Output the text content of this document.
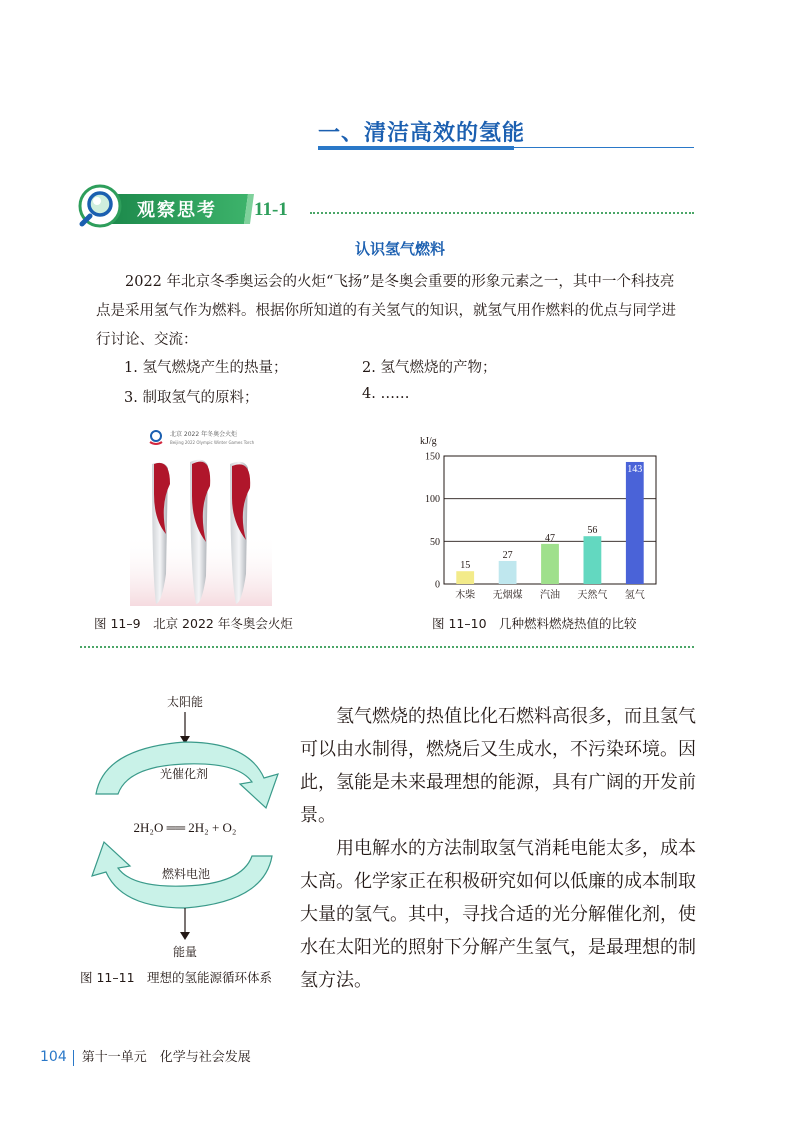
一、清洁高效的氢能
观察思考 11-1
认识氢气燃料
2022 年北京冬季奥运会的火炬“飞扬”是冬奥会重要的形象元素之一，其中一个科技亮点是采用氢气作为燃料。根据你所知道的有关氢气的知识，就氢气用作燃料的优点与同学进行讨论、交流：
1. 氢气燃烧产生的热量；	2. 氢气燃烧的产物；
3. 制取氢气的原料；	4. ……
北京 2022 年冬奥会火炬
Beijing 2022 Olympic Winter Games Torch
图 11–9　北京 2022 年冬奥会火炬
kJ/g
0
50
100
150
15
27
47
56
143
木柴 无烟煤 汽油 天然气 氢气
图 11–10　几种燃料燃烧热值的比较
太阳能
光催化剂
2H₂O ══ 2H₂ + O₂
燃料电池
能量
图 11–11　理想的氢能源循环体系

氢气燃烧的热值比化石燃料高很多，而且氢气可以由水制得，燃烧后又生成水，不污染环境。因此，氢能是未来最理想的能源，具有广阔的开发前景。

用电解水的方法制取氢气消耗电能太多，成本太高。化学家正在积极研究如何以低廉的成本制取大量的氢气。其中，寻找合适的光分解催化剂，使水在太阳光的照射下分解产生氢气，是最理想的制氢方法。

104 第十一单元　化学与社会发展
